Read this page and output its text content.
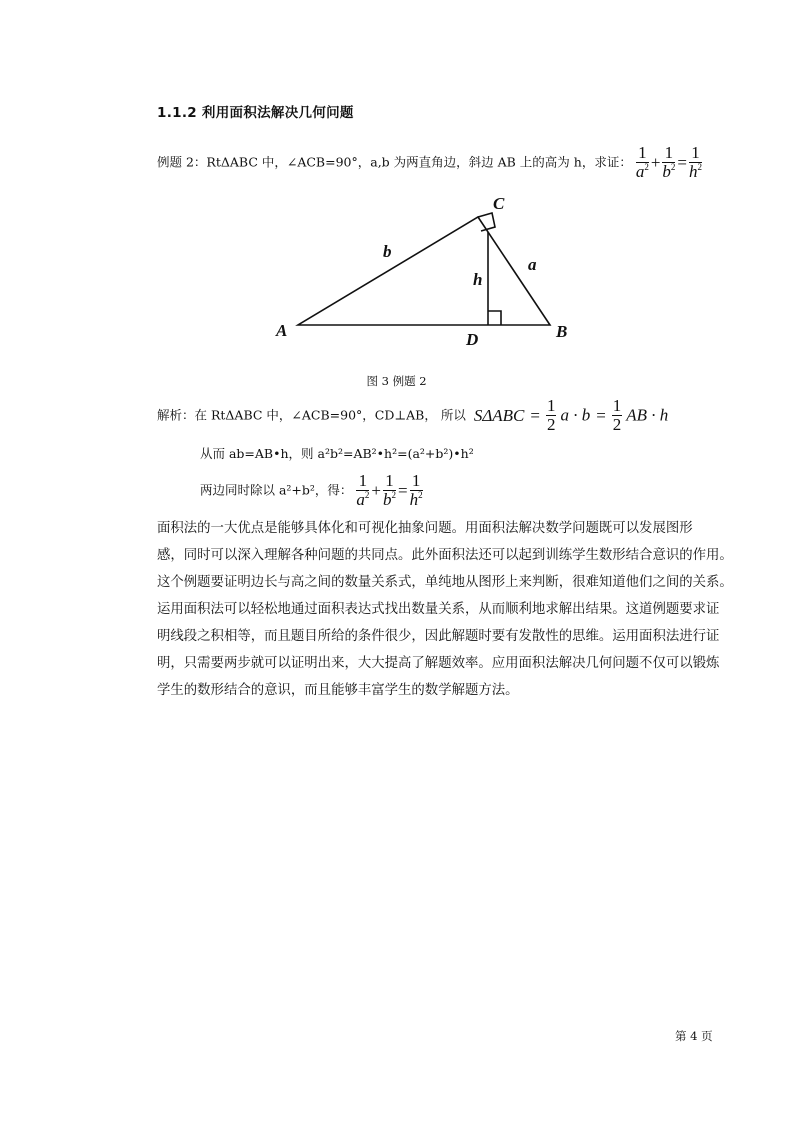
1.1.2 利用面积法解决几何问题
例题 2：RtΔABC 中，∠ACB=90°，a,b 为两直角边，斜边 AB 上的高为 h，求证： $\frac{1}{a^2} + \frac{1}{b^2} = \frac{1}{h^2}$
C
b
a
h
A	B
D
图 3 例题 2
解析：在 RtΔABC 中，∠ACB=90°，CD⊥AB， 所以 $S\Delta ABC = \frac{1}{2}$ $a \cdot b = \frac{1}{2}$ AB · h
从而 ab=AB•h，则 a²b²=AB²•h²=(a²+b²)•h²
两边同时除以 a²+b²，得： $\frac{1}{a^2} + \frac{1}{b^2} = \frac{1}{h^2}$
面积法的一大优点是能够具体化和可视化抽象问题。用面积法解决数学问题既可以发展图形
感，同时可以深入理解各种问题的共同点。此外面积法还可以起到训练学生数形结合意识的作用。
这个例题要证明边长与高之间的数量关系式，单纯地从图形上来判断，很难知道他们之间的关系。
运用面积法可以轻松地通过面积表达式找出数量关系，从而顺利地求解出结果。这道例题要求证
明线段之积相等，而且题目所给的条件很少，因此解题时要有发散性的思维。运用面积法进行证
明，只需要两步就可以证明出来，大大提高了解题效率。应用面积法解决几何问题不仅可以锻炼
学生的数形结合的意识，而且能够丰富学生的数学解题方法。
第 4 页
